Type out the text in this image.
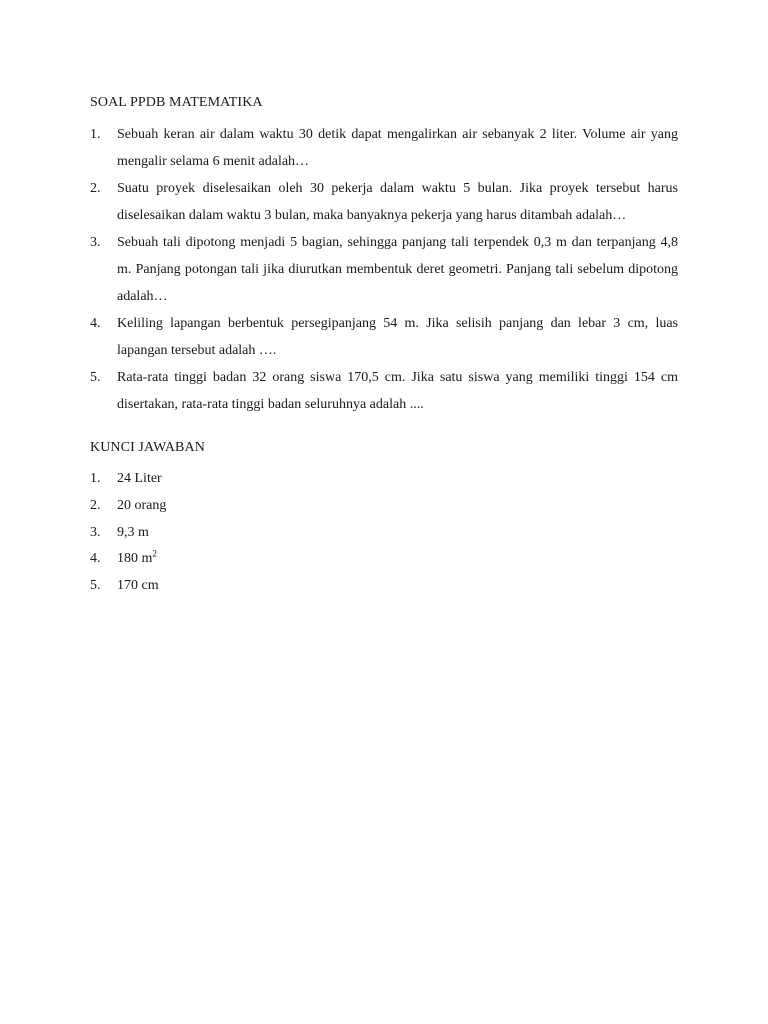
SOAL PPDB MATEMATIKA
1. Sebuah keran air dalam waktu 30 detik dapat mengalirkan air sebanyak 2 liter. Volume air yang mengalir selama 6 menit adalah…
2. Suatu proyek diselesaikan oleh 30 pekerja dalam waktu 5 bulan. Jika proyek tersebut harus diselesaikan dalam waktu 3 bulan, maka banyaknya pekerja yang harus ditambah adalah…
3. Sebuah tali dipotong menjadi 5 bagian, sehingga panjang tali terpendek 0,3 m dan terpanjang 4,8 m. Panjang potongan tali jika diurutkan membentuk deret geometri. Panjang tali sebelum dipotong adalah…
4. Keliling lapangan berbentuk persegipanjang 54 m. Jika selisih panjang dan lebar 3 cm, luas lapangan tersebut adalah ….
5. Rata-rata tinggi badan 32 orang siswa 170,5 cm. Jika satu siswa yang memiliki tinggi 154 cm disertakan, rata-rata tinggi badan seluruhnya adalah ....
KUNCI JAWABAN
1. 24 Liter
2. 20 orang
3. 9,3 m
4. 180 $m^2$
5. 170 cm
